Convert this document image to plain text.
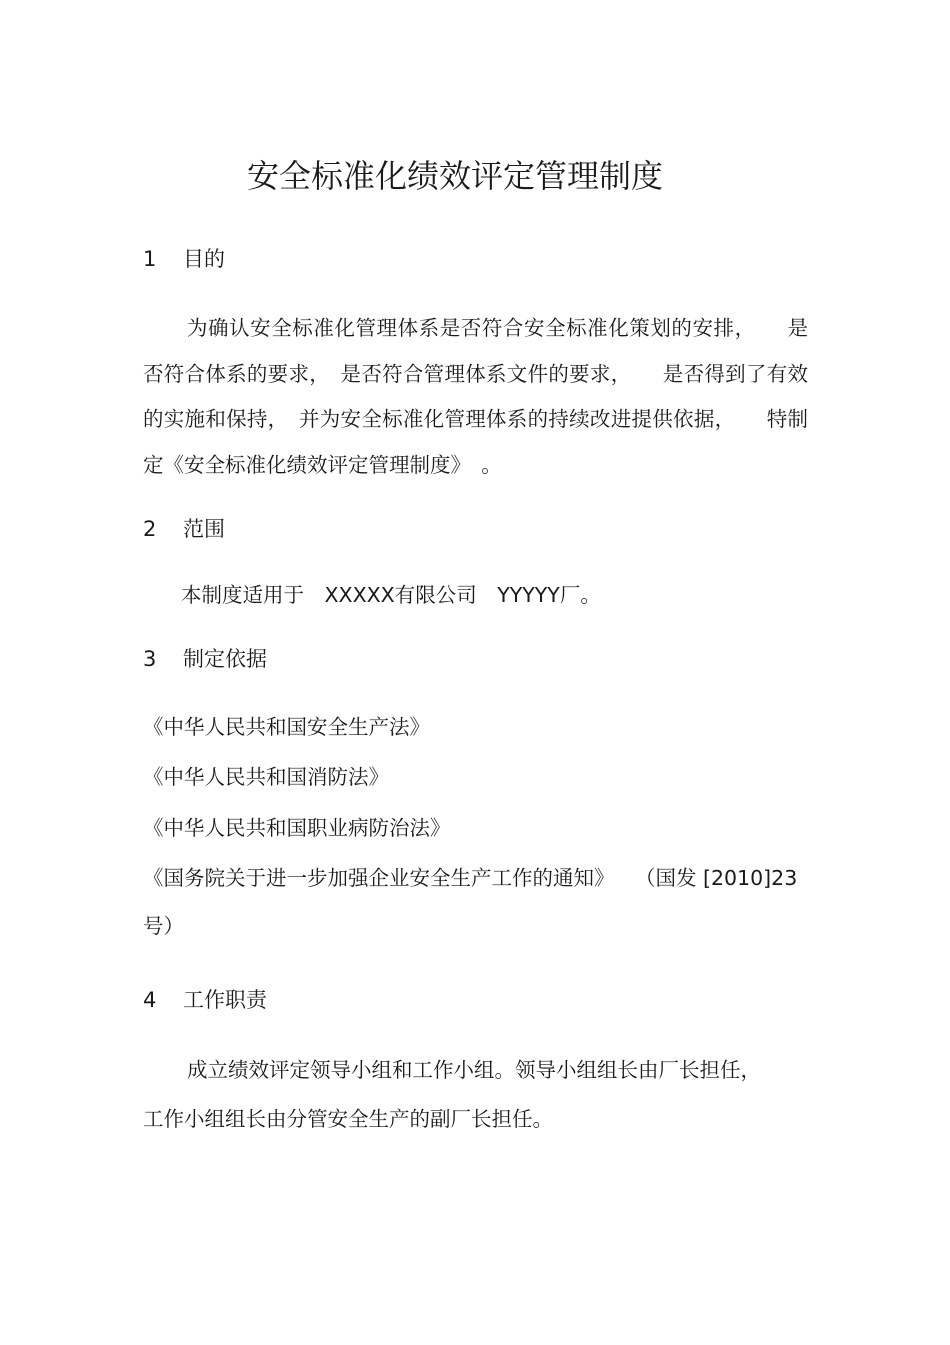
安全标准化绩效评定管理制度
1 目的
为确认安全标准化管理体系是否符合安全标准化策划的安排，　　是否符合体系的要求，　是否符合管理体系文件的要求，　　是否得到了有效的实施和保持，　并为安全标准化管理体系的持续改进提供依据，　　特制定《安全标准化绩效评定管理制度》　。
2 范围
本制度适用于　XXXXX有限公司　YYYYY厂。
3 制定依据
《中华人民共和国安全生产法》
《中华人民共和国消防法》
《中华人民共和国职业病防治法》
《国务院关于进一步加强企业安全生产工作的通知》　　（国发 [2010]23
号）
4 工作职责
成立绩效评定领导小组和工作小组。领导小组组长由厂长担任，
工作小组组长由分管安全生产的副厂长担任。
